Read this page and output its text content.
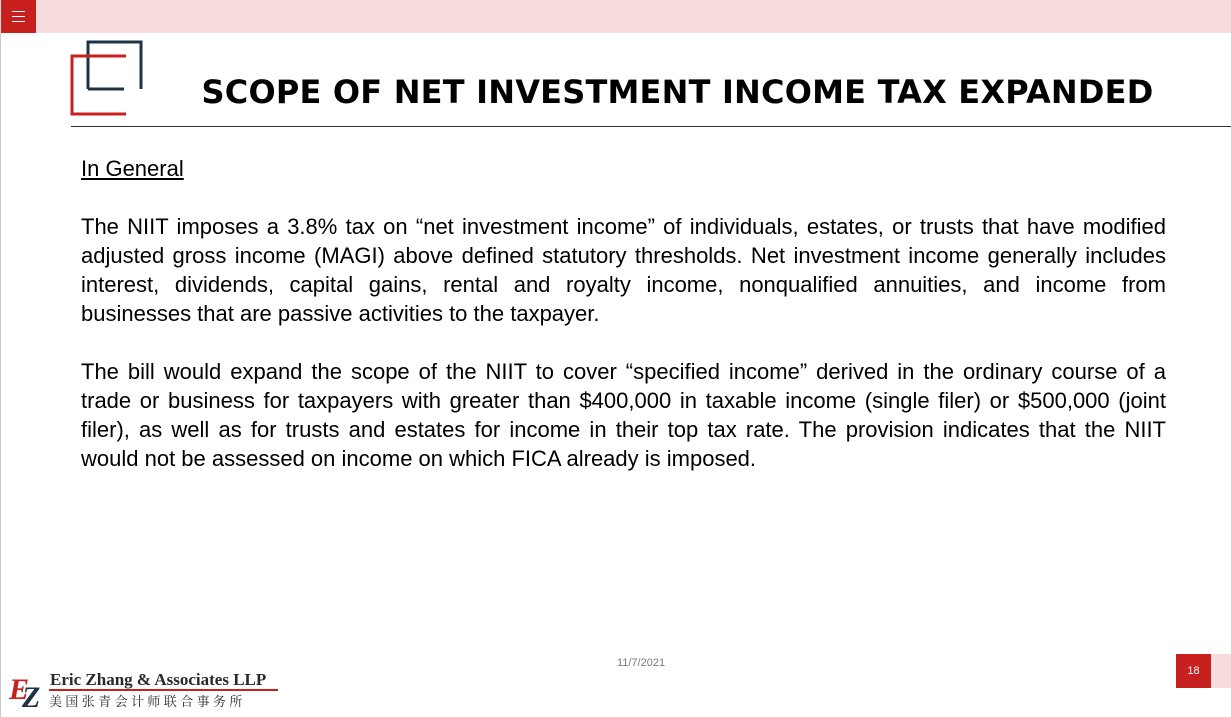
SCOPE OF NET INVESTMENT INCOME TAX EXPANDED
In General
The NIIT imposes a 3.8% tax on “net investment income” of individuals, estates, or trusts that have modified adjusted gross income (MAGI) above defined statutory thresholds. Net investment income generally includes interest, dividends, capital gains, rental and royalty income, nonqualified annuities, and income from businesses that are passive activities to the taxpayer.
The bill would expand the scope of the NIIT to cover “specified income” derived in the ordinary course of a trade or business for taxpayers with greater than $400,000 in taxable income (single filer) or $500,000 (joint filer), as well as for trusts and estates for income in their top tax rate. The provision indicates that the NIIT would not be assessed on income on which FICA already is imposed.
11/7/2021
18
E
Z
Eric Zhang & Associates LLP
美国张青会计师联合事务所
